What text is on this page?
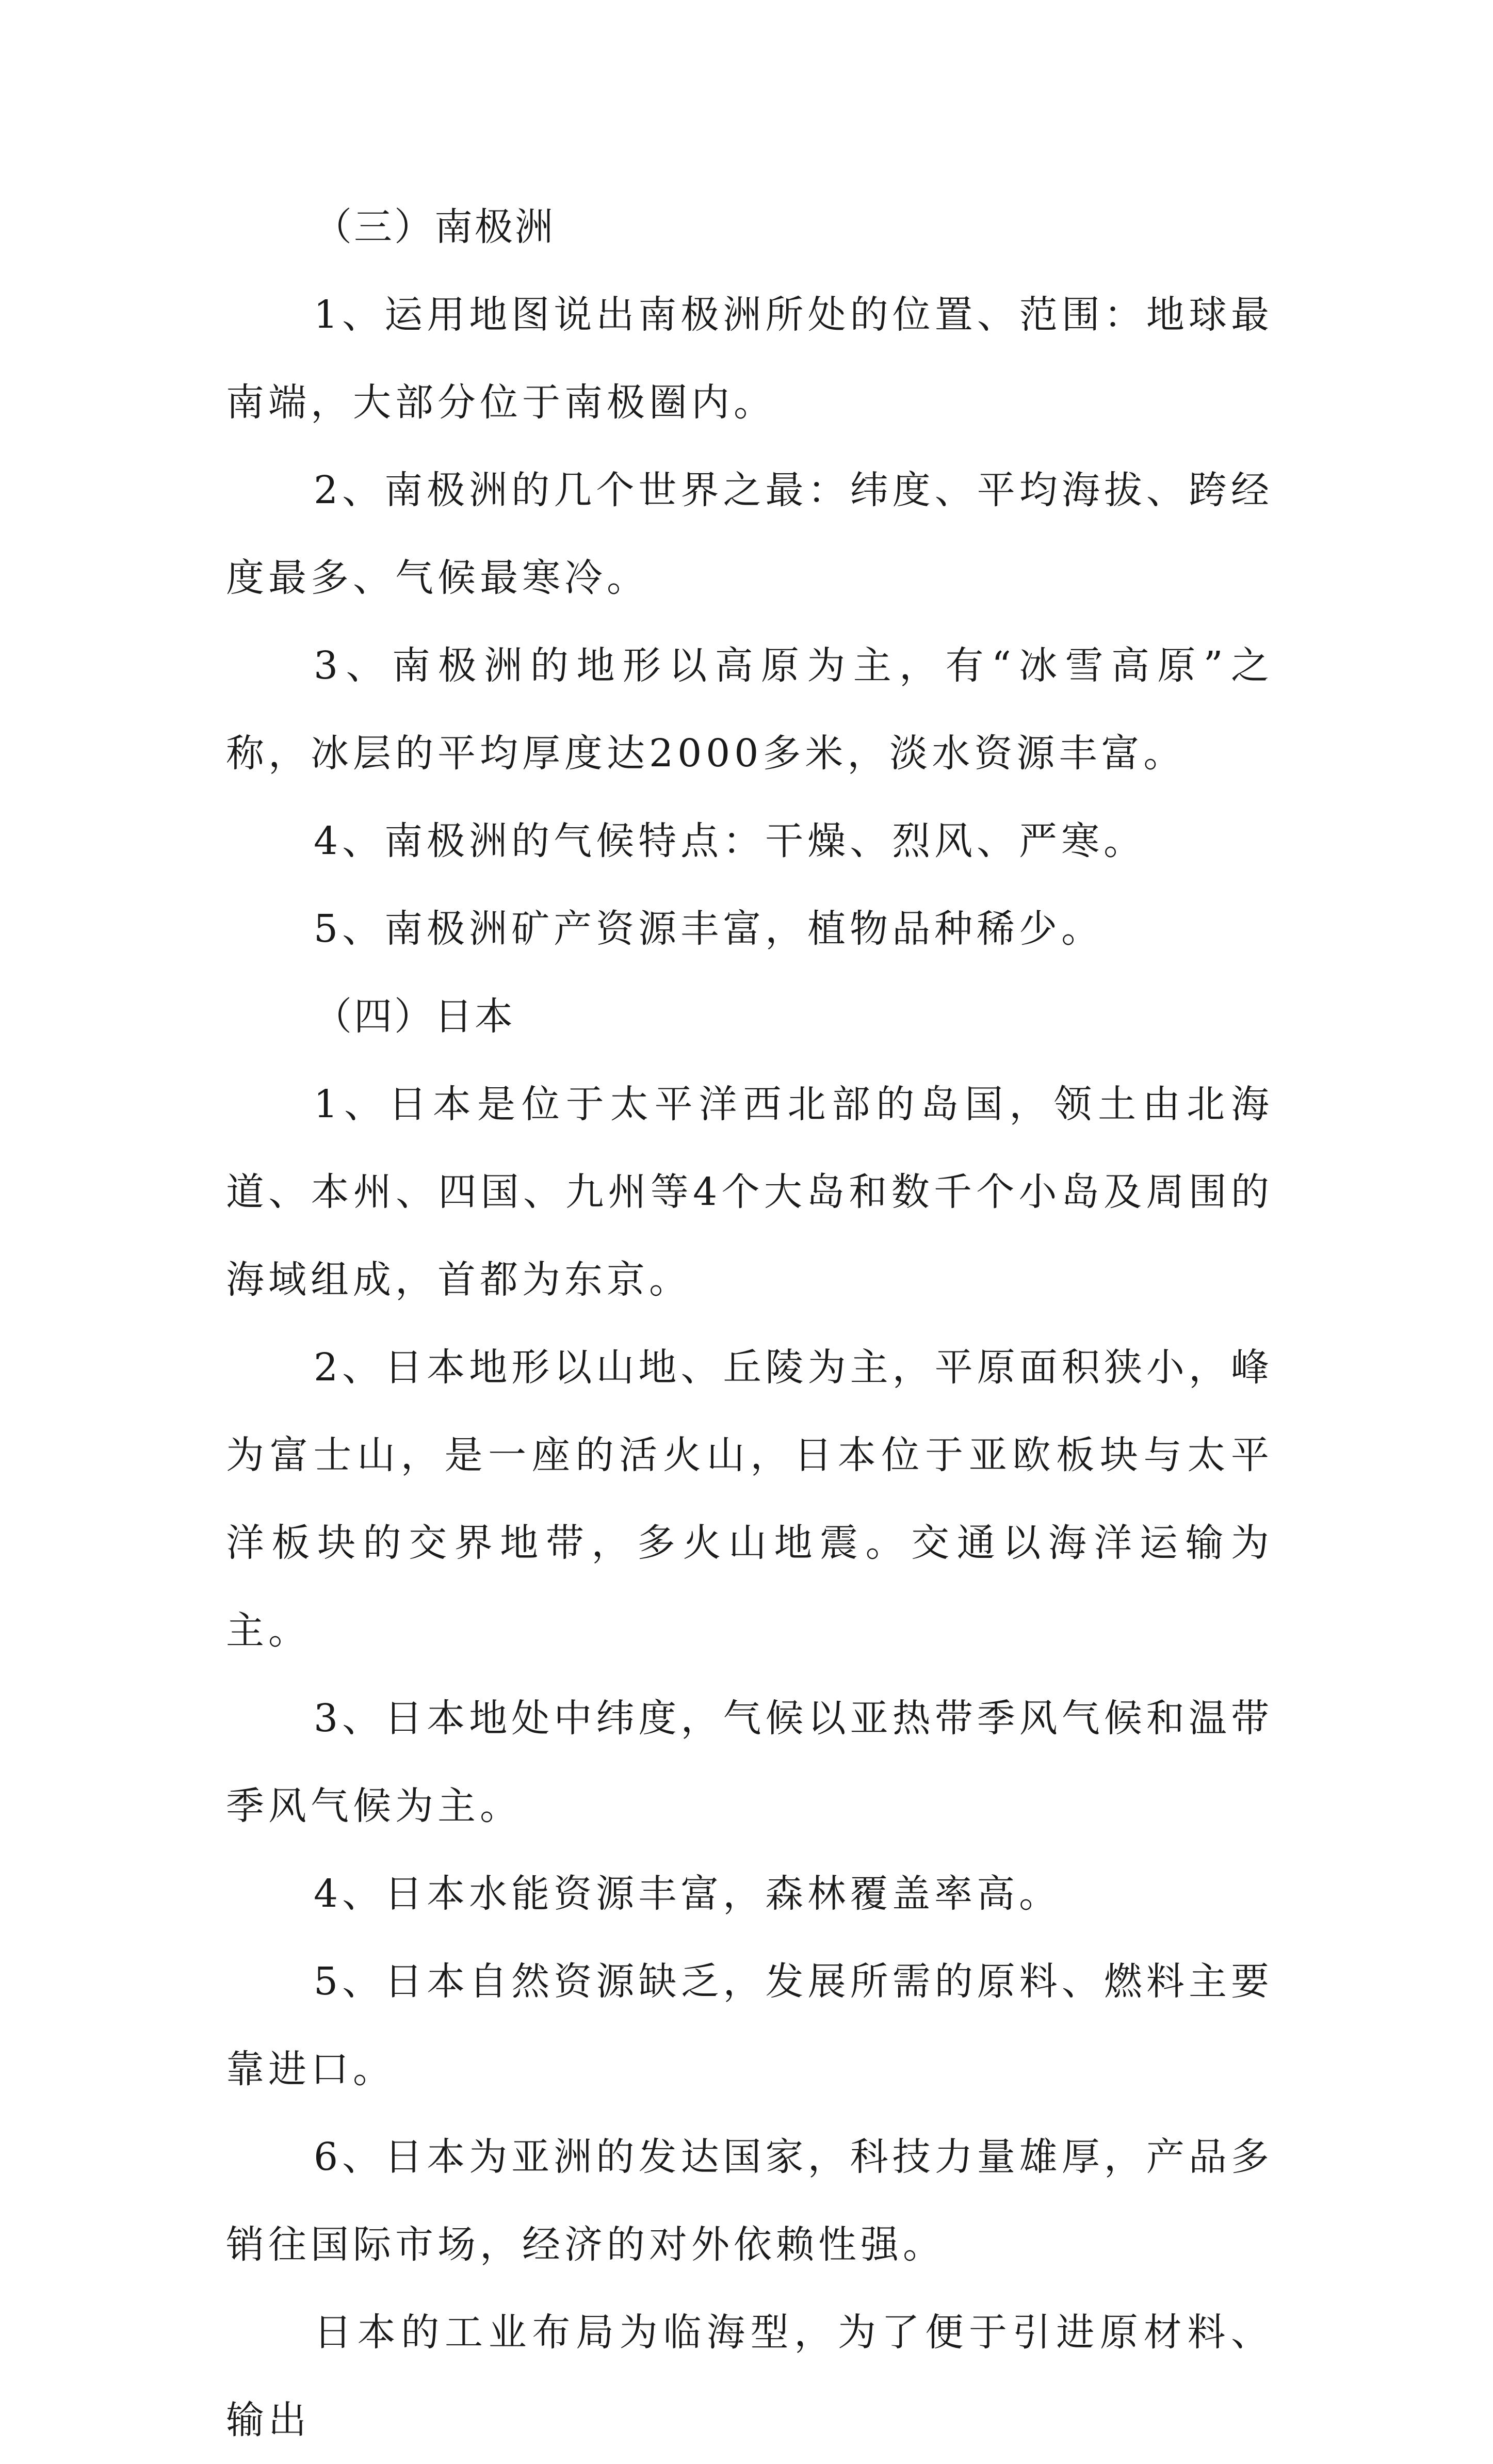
（三）南极洲

1、运用地图说出南极洲所处的位置、范围：地球最南端，大部分位于南极圈内。

2、南极洲的几个世界之最：纬度、平均海拔、跨经度最多、气候最寒冷。

3、南极洲的地形以高原为主，有“冰雪高原”之称，冰层的平均厚度达2000多米，淡水资源丰富。

4、南极洲的气候特点：干燥、烈风、严寒。

5、南极洲矿产资源丰富，植物品种稀少。

（四）日本

1、日本是位于太平洋西北部的岛国，领土由北海道、本州、四国、九州等4个大岛和数千个小岛及周围的海域组成，首都为东京。

2、日本地形以山地、丘陵为主，平原面积狭小，峰为富士山，是一座的活火山，日本位于亚欧板块与太平洋板块的交界地带，多火山地震。交通以海洋运输为主。

3、日本地处中纬度，气候以亚热带季风气候和温带季风气候为主。

4、日本水能资源丰富，森林覆盖率高。

5、日本自然资源缺乏，发展所需的原料、燃料主要靠进口。

6、日本为亚洲的发达国家，科技力量雄厚，产品多销往国际市场，经济的对外依赖性强。

日本的工业布局为临海型，为了便于引进原材料、输出
